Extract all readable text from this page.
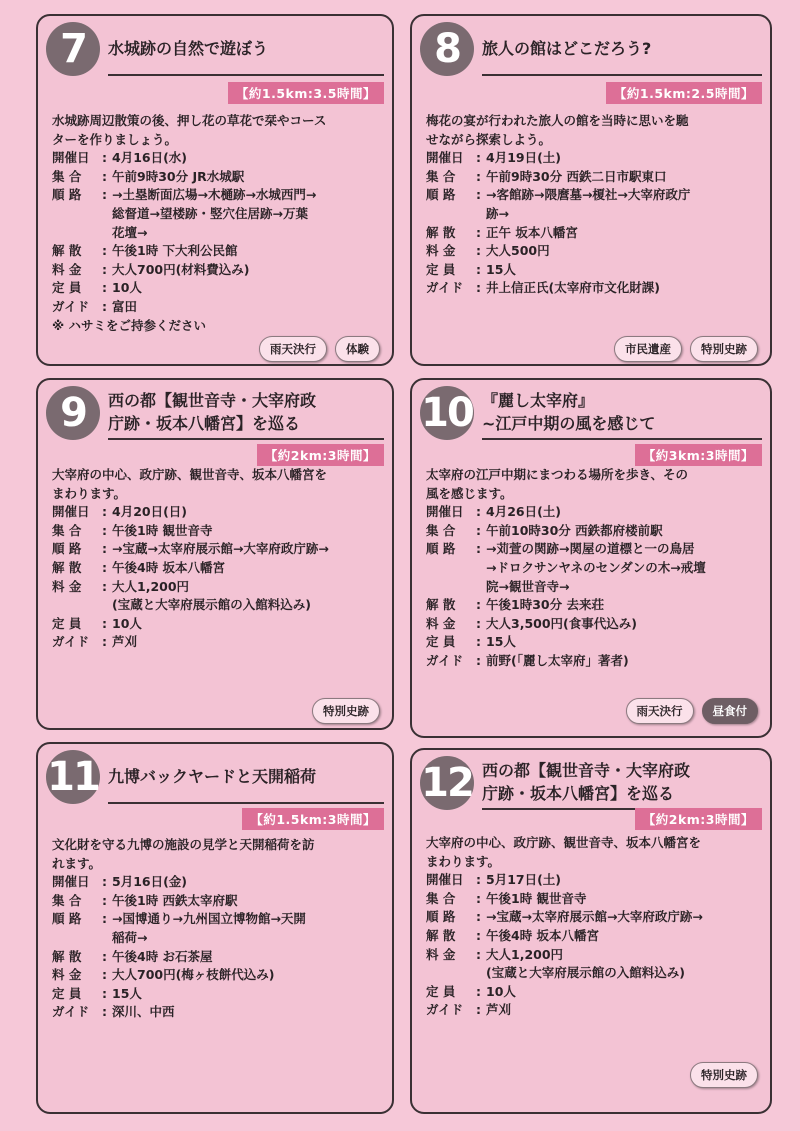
7	水城跡の自然で遊ぼう
【約1.5km:3.5時間】
水城跡周辺散策の後、押し花の草花で栞やコース
ターを作りましょう。
開催日 : 4月16日(水)
集 合	: 午前9時30分 JR水城駅
順 路	: →土塁断面広場→木樋跡→水城西門→
総督道→望楼跡・竪穴住居跡→万葉
花壇→
解 散	: 午後1時 下大利公民館
料 金	: 大人700円(材料費込み)
定 員	: 10人
ガイド	: 富田
※ ハサミをご持参ください
雨天決行	体験
8	旅人の館はどこだろう?
【約1.5km:2.5時間】
梅花の宴が行われた旅人の館を当時に思いを馳
せながら探索しよう。
開催日 : 4月19日(土)
集 合	: 午前9時30分 西鉄二日市駅東口
順 路	: →客館跡→隈麿墓→榎社→大宰府政庁
跡→
解 散	: 正午 坂本八幡宮
料 金	: 大人500円
定 員	: 15人
ガイド	: 井上信正氏(太宰府市文化財課)
市民遺産	特別史跡
9	西の都【観世音寺・大宰府政
庁跡・坂本八幡宮】を巡る
【約2km:3時間】
大宰府の中心、政庁跡、観世音寺、坂本八幡宮を
まわります。
開催日 : 4月20日(日)
集 合	: 午後1時 観世音寺
順 路	: →宝蔵→太宰府展示館→大宰府政庁跡→
解 散	: 午後4時 坂本八幡宮
料 金	: 大人1,200円
(宝蔵と大宰府展示館の入館料込み)
定 員	: 10人
ガイド	: 芦刈
特別史跡
10 『麗し太宰府』
~江戸中期の風を感じて
【約3km:3時間】
太宰府の江戸中期にまつわる場所を歩き、その
風を感じます。
開催日 : 4月26日(土)
集 合	: 午前10時30分 西鉄都府楼前駅
順 路	: →苅萱の関跡→関屋の道標と一の鳥居
→ドロクサンヤネのセンダンの木→戒壇
院→観世音寺→
解 散	: 午後1時30分 去来荘
料 金	: 大人3,500円(食事代込み)
定 員	: 15人
ガイド	: 前野(「麗し太宰府」著者)
雨天決行	昼食付
11 九博バックヤードと天開稲荷
【約1.5km:3時間】
文化財を守る九博の施設の見学と天開稲荷を訪
れます。
開催日 : 5月16日(金)
集 合	: 午後1時 西鉄太宰府駅
順 路	: →国博通り→九州国立博物館→天開
稲荷→
解 散	: 午後4時 お石茶屋
料 金	: 大人700円(梅ヶ枝餅代込み)
定 員	: 15人
ガイド	: 深川、中西
12 西の都【観世音寺・大宰府政
庁跡・坂本八幡宮】を巡る
【約2km:3時間】
大宰府の中心、政庁跡、観世音寺、坂本八幡宮を
まわります。
開催日 : 5月17日(土)
集 合	: 午後1時 観世音寺
順 路	: →宝蔵→太宰府展示館→大宰府政庁跡→
解 散	: 午後4時 坂本八幡宮
料 金	: 大人1,200円
(宝蔵と大宰府展示館の入館料込み)
定 員	: 10人
ガイド	: 芦刈
特別史跡
